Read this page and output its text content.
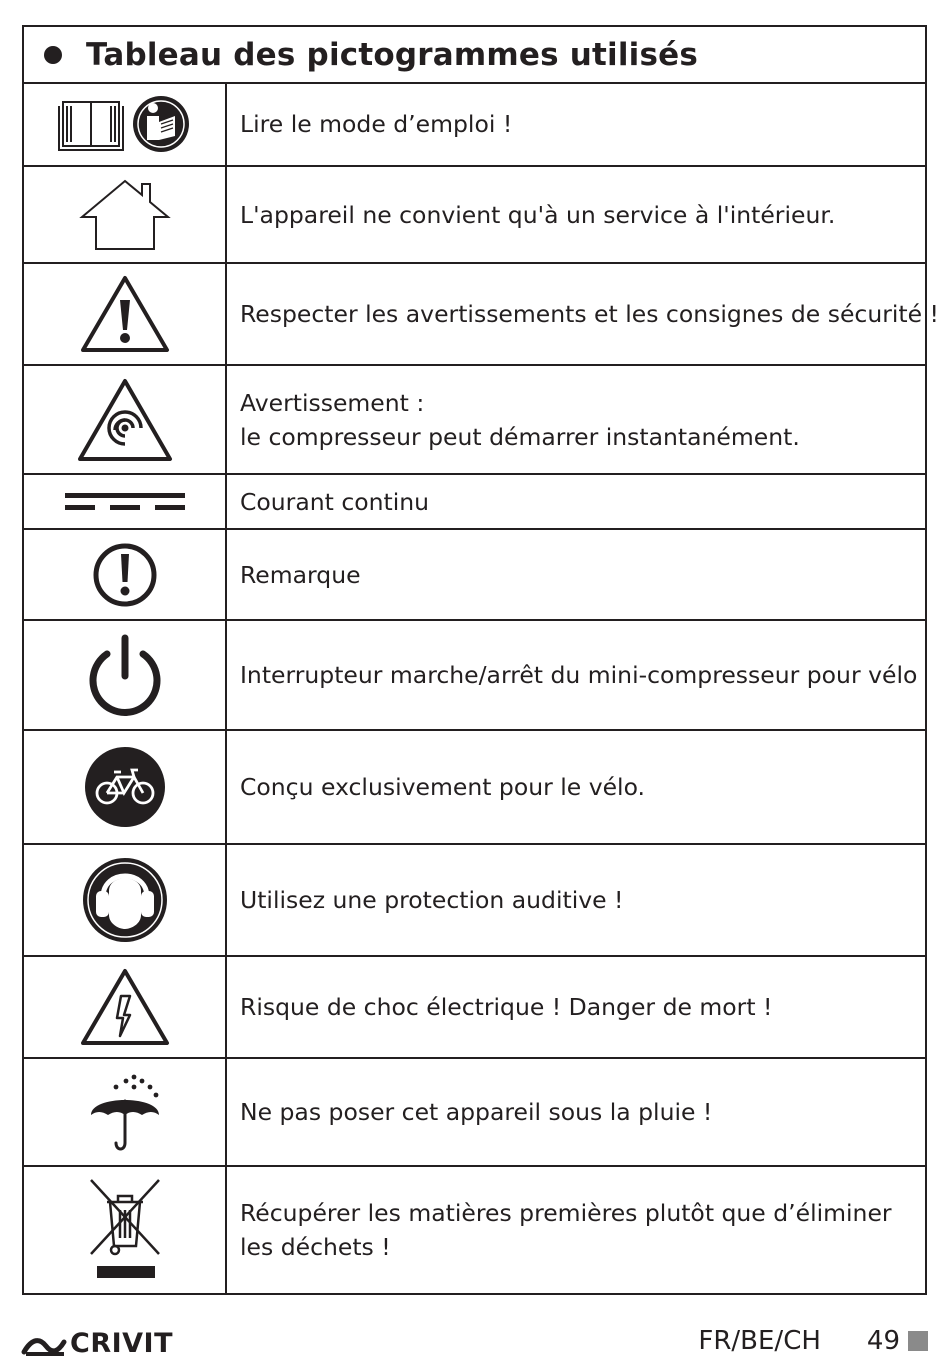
Tableau des pictogrammes utilisés
Lire le mode d’emploi !
L'appareil ne convient qu'à un service à l'intérieur.
Respecter les avertissements et les consignes de sécurité !
Avertissement :
le compresseur peut démarrer instantanément.
Courant continu
Remarque
Interrupteur marche/arrêt du mini-compresseur pour vélo
Conçu exclusivement pour le vélo.
Utilisez une protection auditive !
Risque de choc électrique ! Danger de mort !
Ne pas poser cet appareil sous la pluie !
Récupérer les matières premières plutôt que d’éliminer
les déchets !
CRIVIT	FR/BE/CH 49
